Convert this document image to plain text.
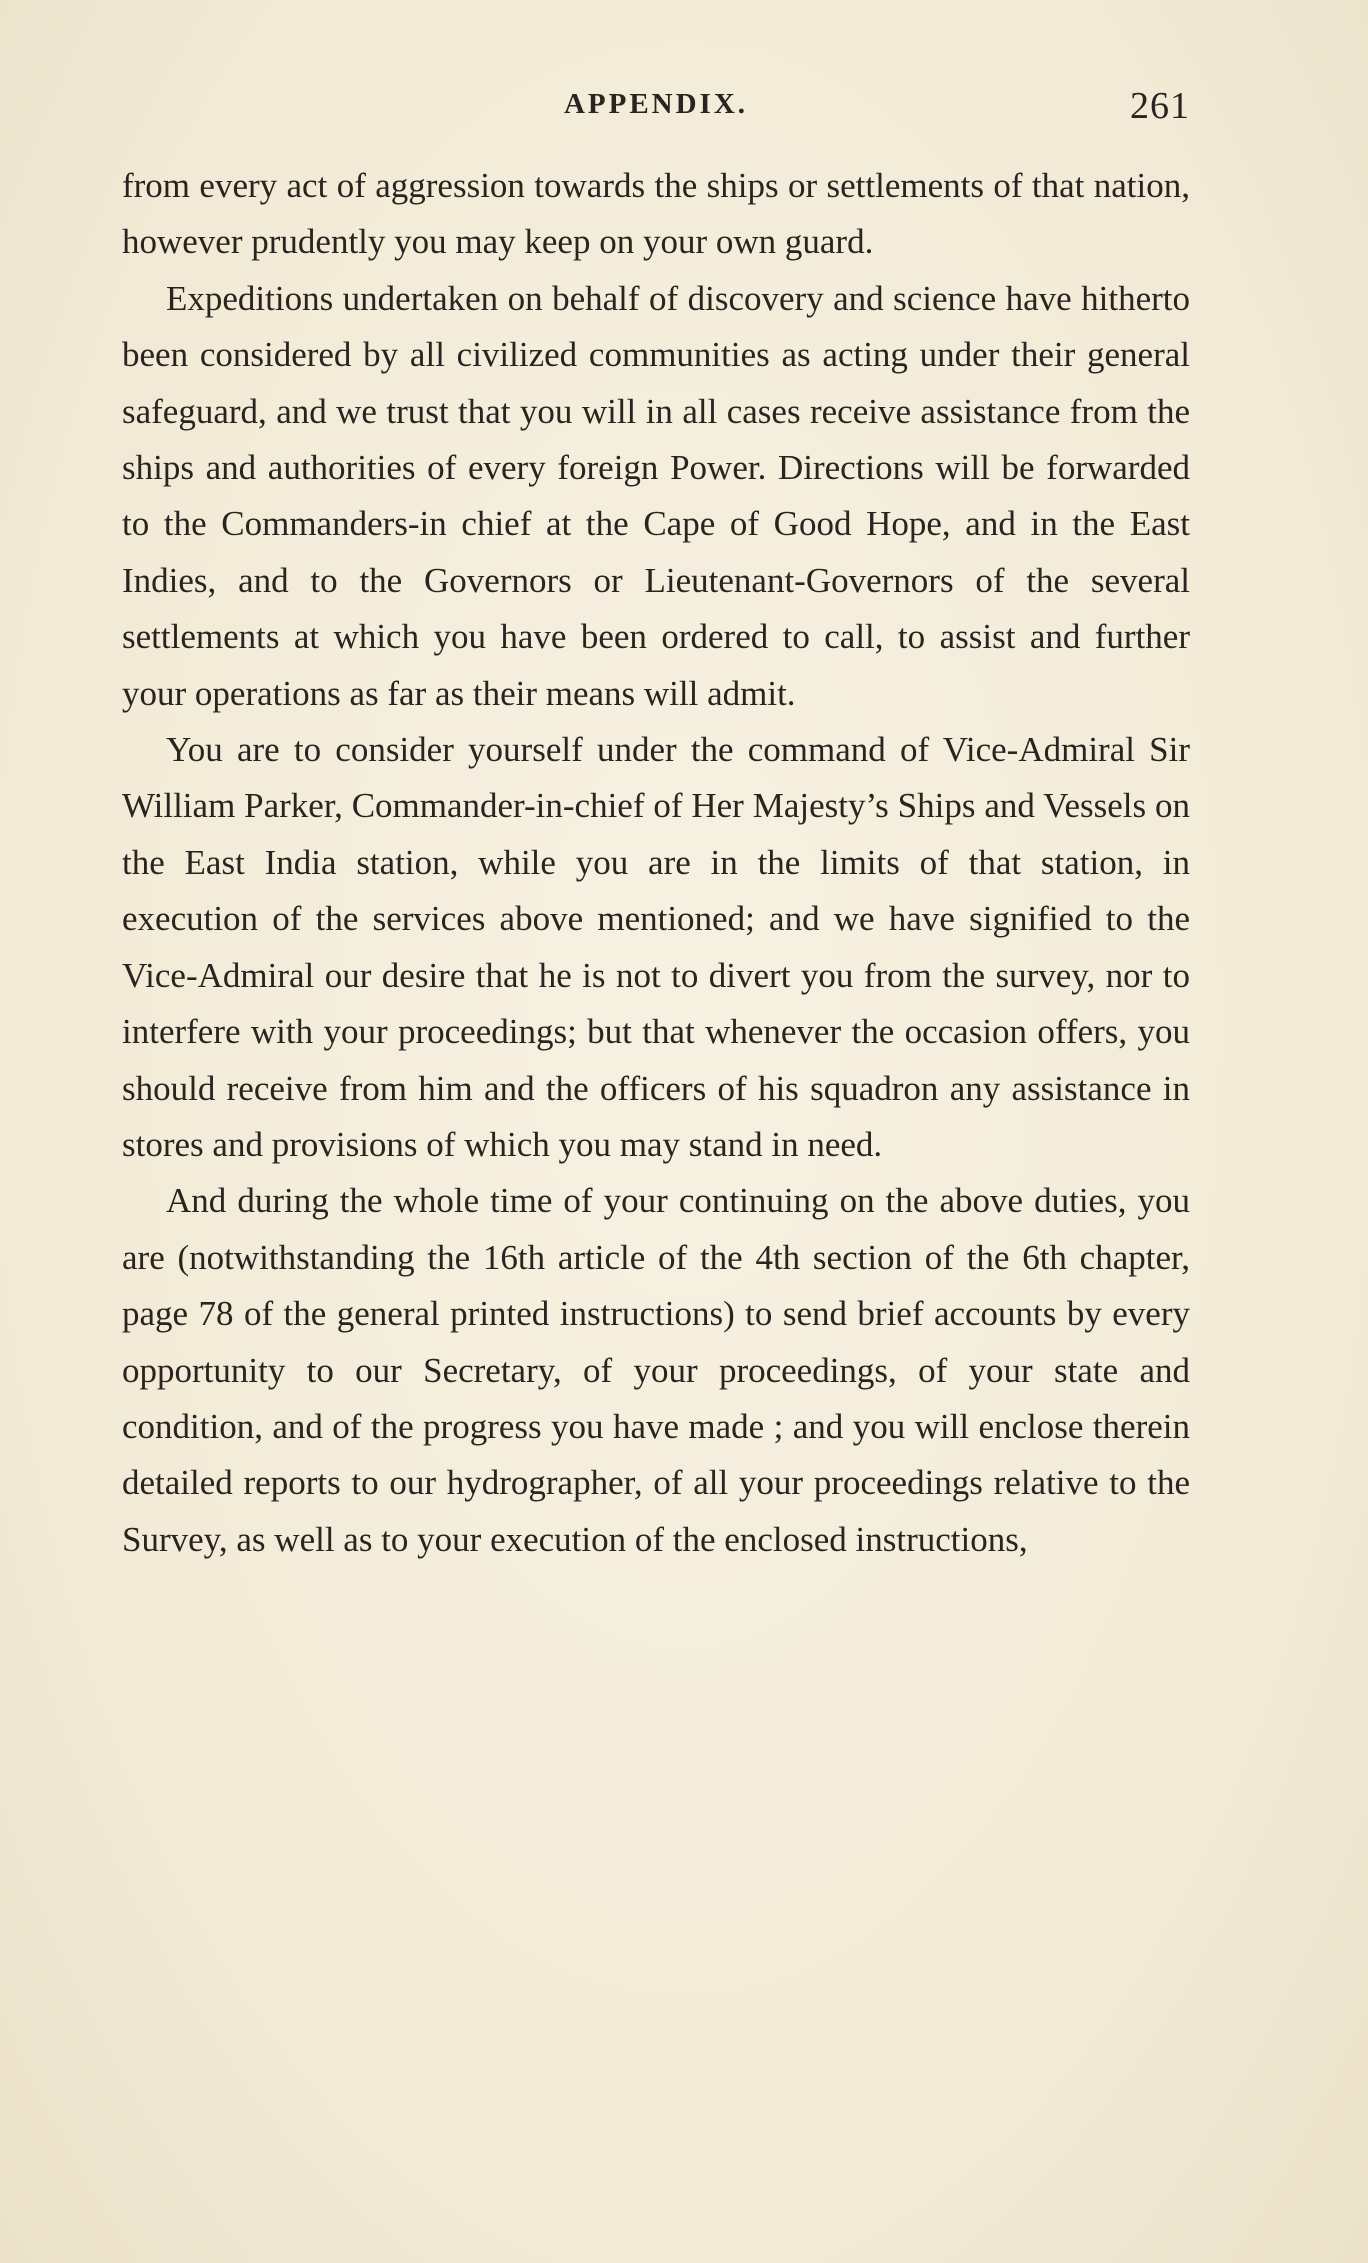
APPENDIX.	261

from every act of aggression towards the ships or settlements of that nation, however prudently you may keep on your own guard.

Expeditions undertaken on behalf of discovery and science have hitherto been considered by all civilized communities as acting under their general safeguard, and we trust that you will in all cases receive assistance from the ships and authorities of every foreign Power. Directions will be forwarded to the Commanders-in chief at the Cape of Good Hope, and in the East Indies, and to the Governors or Lieutenant-Governors of the several settlements at which you have been ordered to call, to assist and further your operations as far as their means will admit.

You are to consider yourself under the command of Vice-Admiral Sir William Parker, Commander-in-chief of Her Majesty’s Ships and Vessels on the East India station, while you are in the limits of that station, in execution of the services above mentioned; and we have signified to the Vice-Admiral our desire that he is not to divert you from the survey, nor to interfere with your proceedings; but that whenever the occasion offers, you should receive from him and the officers of his squadron any assistance in stores and provisions of which you may stand in need.

And during the whole time of your continuing on the above duties, you are (notwithstanding the 16th article of the 4th section of the 6th chapter, page 78 of the general printed instructions) to send brief accounts by every opportunity to our Secretary, of your proceedings, of your state and condition, and of the progress you have made ; and you will enclose therein detailed reports to our hydrographer, of all your proceedings relative to the Survey, as well as to your execution of the enclosed instructions,
